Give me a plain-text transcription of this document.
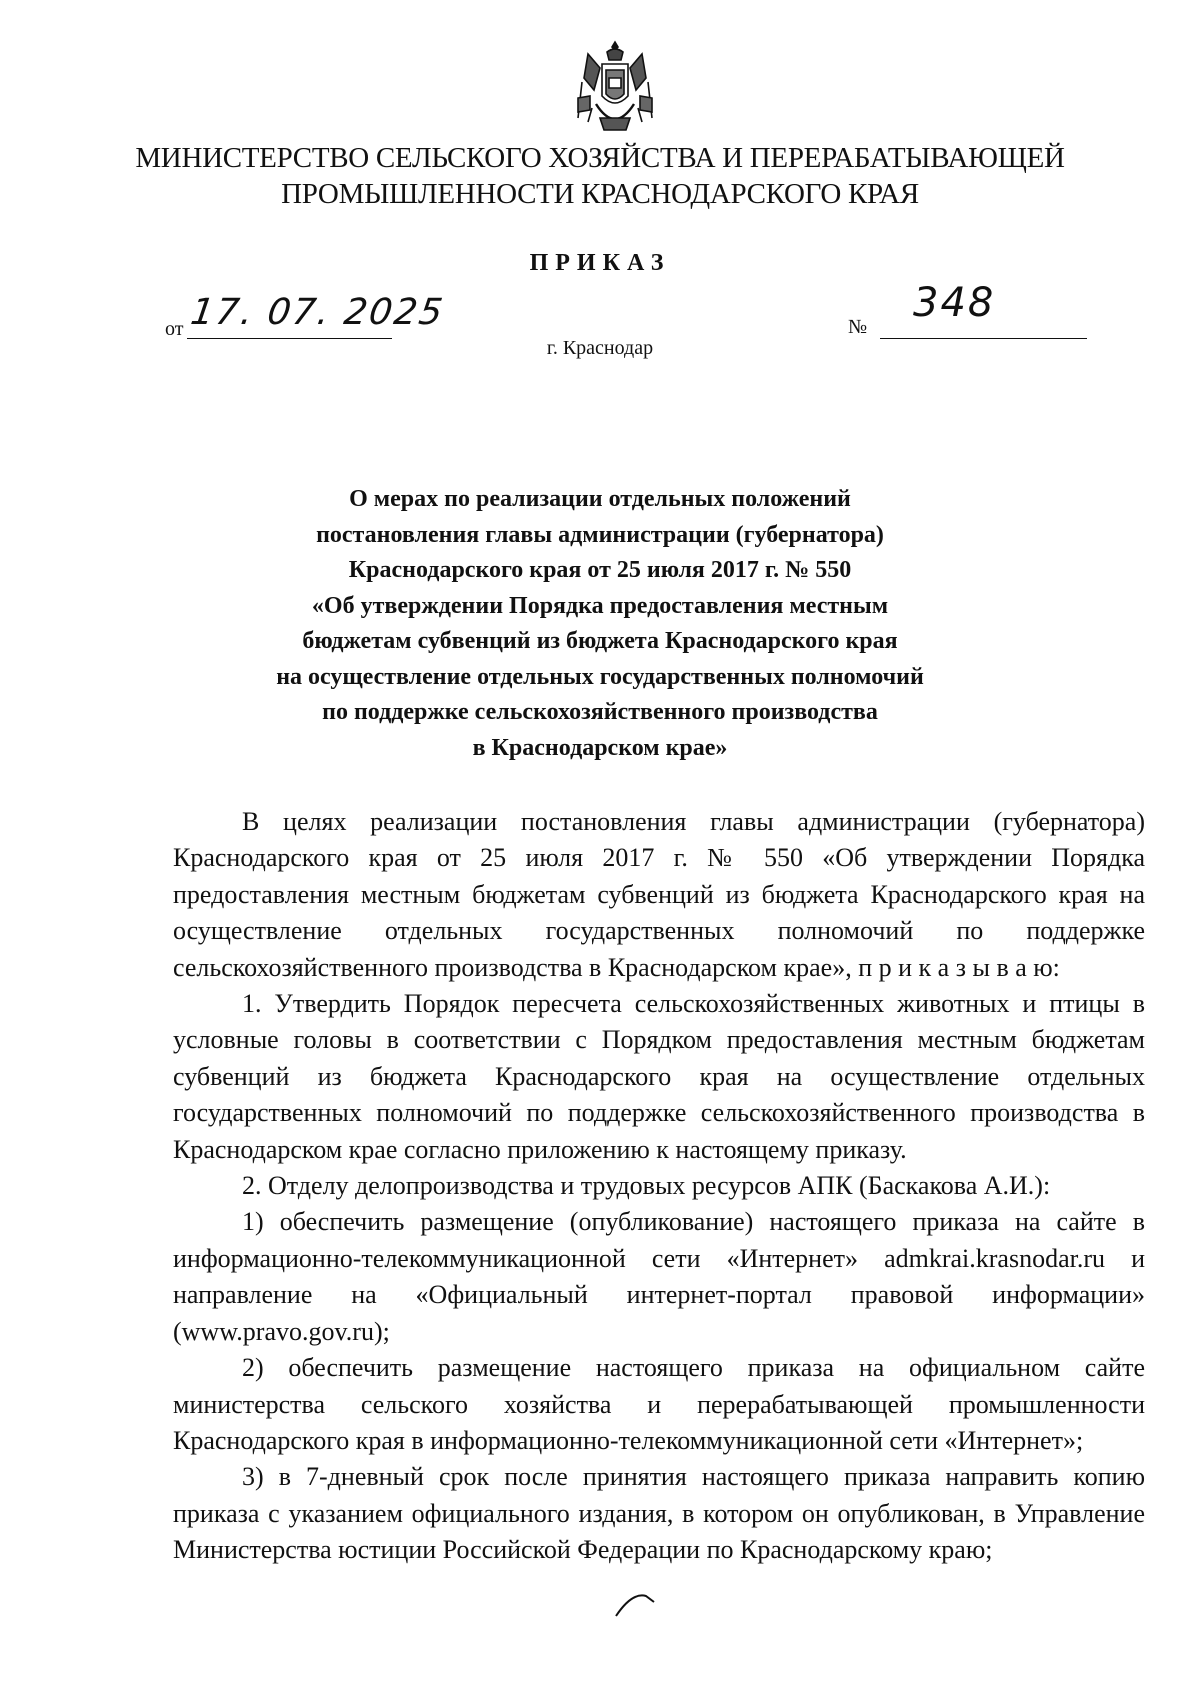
МИНИСТЕРСТВО СЕЛЬСКОГО ХОЗЯЙСТВА И ПЕРЕРАБАТЫВАЮЩЕЙ
ПРОМЫШЛЕННОСТИ КРАСНОДАРСКОГО КРАЯ
ПРИКАЗ
от 17. 07. 2025	№
348
г. Краснодар
О мерах по реализации отдельных положений
постановления главы администрации (губернатора)
Краснодарского края от 25 июля 2017 г. № 550
«Об утверждении Порядка предоставления местным
бюджетам субвенций из бюджета Краснодарского края
на осуществление отдельных государственных полномочий
по поддержке сельскохозяйственного производства
в Краснодарском крае»

В целях реализации постановления главы администрации (губернатора) Краснодарского края от 25 июля 2017 г. № 550 «Об утверждении Порядка предоставления местным бюджетам субвенций из бюджета Краснодарского края на осуществление отдельных государственных полномочий по поддержке сельскохозяйственного производства в Краснодарском крае», п р и к а з ы в а ю:

1. Утвердить Порядок пересчета сельскохозяйственных животных и птицы в условные головы в соответствии с Порядком предоставления местным бюджетам субвенций из бюджета Краснодарского края на осуществление отдельных государственных полномочий по поддержке сельскохозяйственного производства в Краснодарском крае согласно приложению к настоящему приказу.

2. Отделу делопроизводства и трудовых ресурсов АПК (Баскакова А.И.):

1) обеспечить размещение (опубликование) настоящего приказа на сайте в информационно-телекоммуникационной сети «Интернет» admkrai.krasnodar.ru и направление на «Официальный интернет-портал правовой информации» (www.pravo.gov.ru);

2) обеспечить размещение настоящего приказа на официальном сайте министерства сельского хозяйства и перерабатывающей промышленности Краснодарского края в информационно-телекоммуникационной сети «Интернет»;

3) в 7-дневный срок после принятия настоящего приказа направить копию приказа с указанием официального издания, в котором он опубликован, в Управление Министерства юстиции Российской Федерации по Краснодарскому краю;
